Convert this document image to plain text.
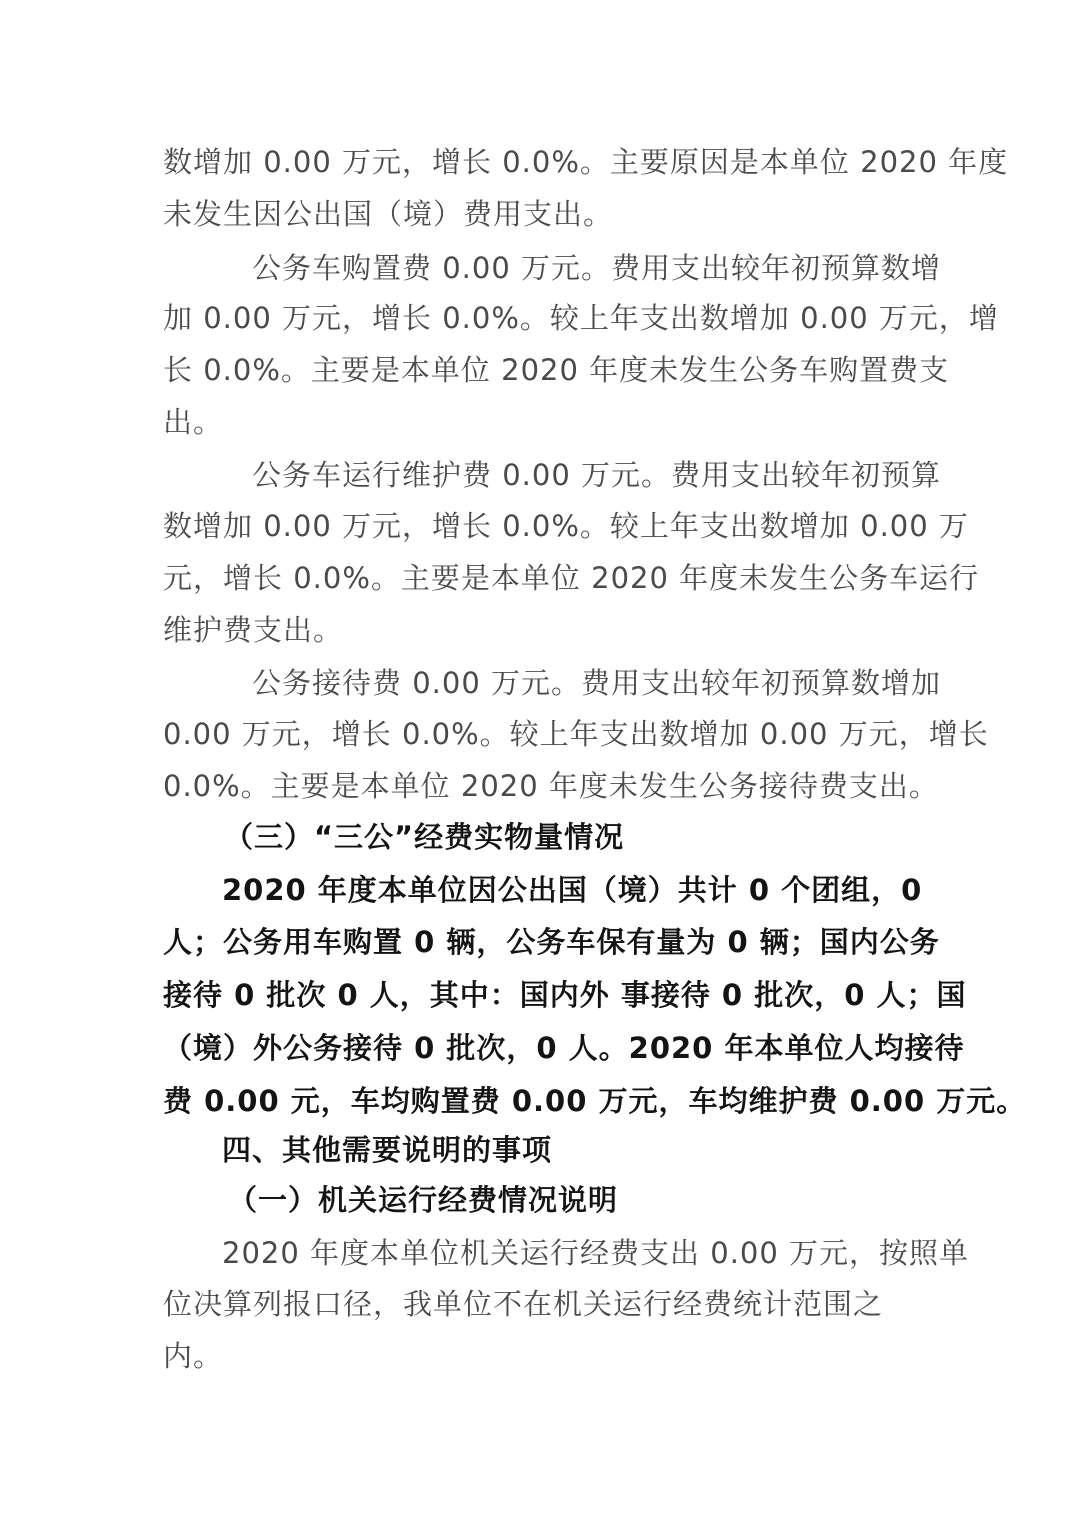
数增加 0.00 万元，增长 0.0%。主要原因是本单位 2020 年度
未发生因公出国（境）费用支出。
公务车购置费 0.00 万元。费用支出较年初预算数增
加 0.00 万元，增长 0.0%。较上年支出数增加 0.00 万元，增
长 0.0%。主要是本单位 2020 年度未发生公务车购置费支
出。
公务车运行维护费 0.00 万元。费用支出较年初预算
数增加 0.00 万元，增长 0.0%。较上年支出数增加 0.00 万
元，增长 0.0%。主要是本单位 2020 年度未发生公务车运行
维护费支出。
公务接待费 0.00 万元。费用支出较年初预算数增加
0.00 万元，增长 0.0%。较上年支出数增加 0.00 万元，增长
0.0%。主要是本单位 2020 年度未发生公务接待费支出。
（三）“三公”经费实物量情况
2020 年度本单位因公出国（境）共计 0 个团组，0
人；公务用车购置 0 辆，公务车保有量为 0 辆；国内公务
接待 0 批次 0 人，其中：国内外 事接待 0 批次，0 人；国
（境）外公务接待 0 批次，0 人。2020 年本单位人均接待
费 0.00 元，车均购置费 0.00 万元，车均维护费 0.00 万元。
四、其他需要说明的事项
（一）机关运行经费情况说明
2020 年度本单位机关运行经费支出 0.00 万元，按照单
位决算列报口径，我单位不在机关运行经费统计范围之
内。
